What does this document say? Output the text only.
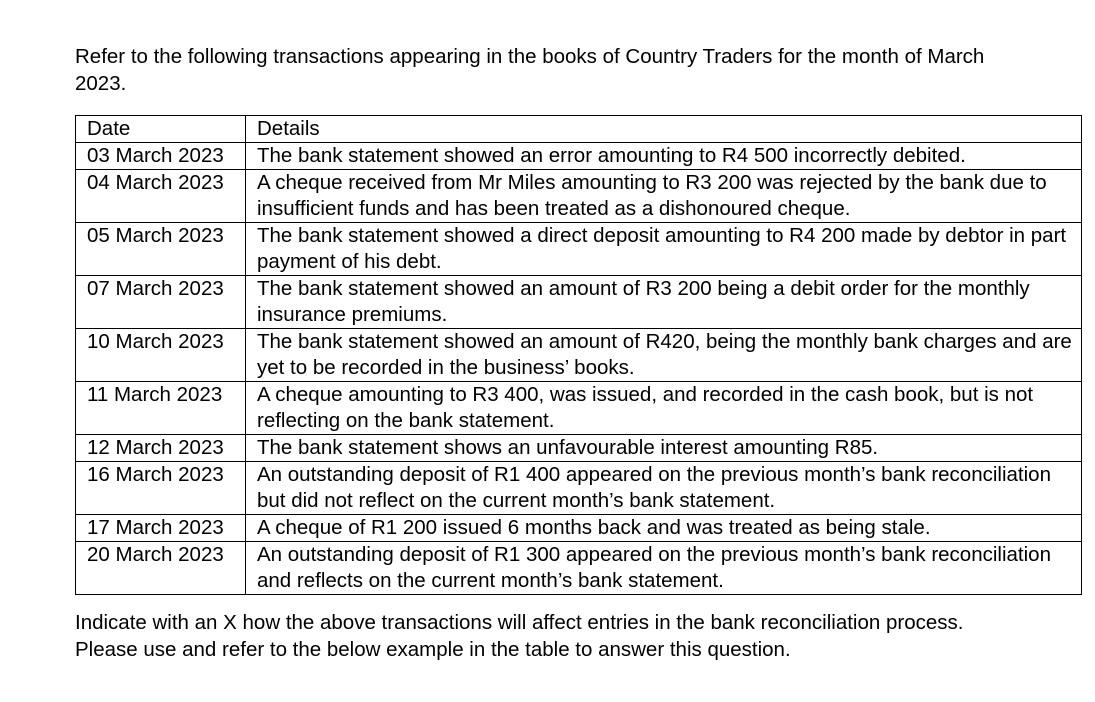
Refer to the following transactions appearing in the books of Country Traders for the month of March 2023.

Date	Details
03 March 2023	The bank statement showed an error amounting to R4 500 incorrectly debited.
04 March 2023	A cheque received from Mr Miles amounting to R3 200 was rejected by the bank due to insufficient funds and has been treated as a dishonoured cheque.
05 March 2023	The bank statement showed a direct deposit amounting to R4 200 made by debtor in part payment of his debt.
07 March 2023	The bank statement showed an amount of R3 200 being a debit order for the monthly insurance premiums.
10 March 2023	The bank statement showed an amount of R420, being the monthly bank charges and are yet to be recorded in the business’ books.
11 March 2023	A cheque amounting to R3 400, was issued, and recorded in the cash book, but is not reflecting on the bank statement.
12 March 2023	The bank statement shows an unfavourable interest amounting R85.
16 March 2023	An outstanding deposit of R1 400 appeared on the previous month’s bank reconciliation but did not reflect on the current month’s bank statement.
17 March 2023	A cheque of R1 200 issued 6 months back and was treated as being stale.
20 March 2023	An outstanding deposit of R1 300 appeared on the previous month’s bank reconciliation and reflects on the current month’s bank statement.

Indicate with an X how the above transactions will affect entries in the bank reconciliation process. Please use and refer to the below example in the table to answer this question.
